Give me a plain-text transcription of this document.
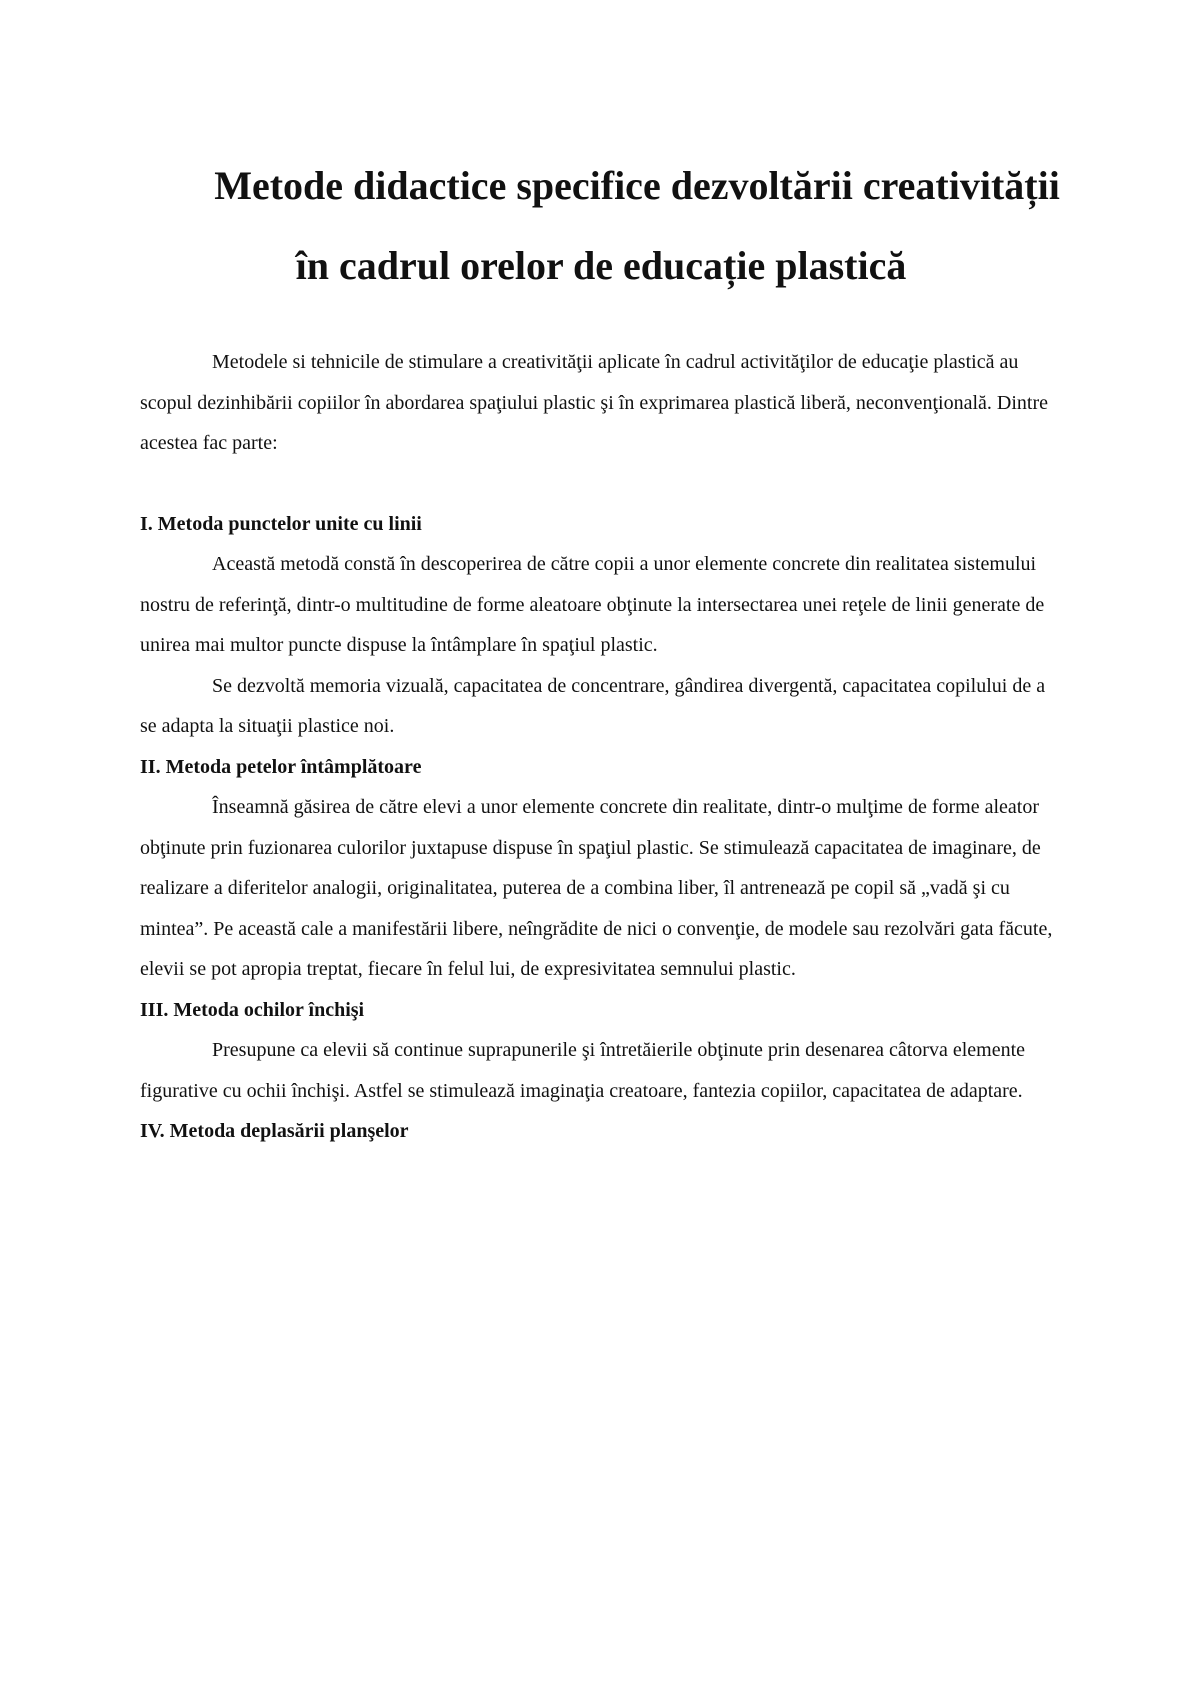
Metode didactice specifice dezvoltării creativității în cadrul orelor de educație plastică

Metodele si tehnicile de stimulare a creativităţii aplicate în cadrul activităţilor de educaţie plastică au scopul dezinhibării copiilor în abordarea spaţiului plastic şi în exprimarea plastică liberă, neconvenţională. Dintre acestea fac parte:

I. Metoda punctelor unite cu linii

Această metodă constă în descoperirea de către copii a unor elemente concrete din realitatea sistemului nostru de referinţă, dintr-o multitudine de forme aleatoare obţinute la intersectarea unei reţele de linii generate de unirea mai multor puncte dispuse la întâmplare în spaţiul plastic.

Se dezvoltă memoria vizuală, capacitatea de concentrare, gândirea divergentă, capacitatea copilului de a se adapta la situaţii plastice noi.

II. Metoda petelor întâmplătoare

Înseamnă găsirea de către elevi a unor elemente concrete din realitate, dintr-o mulţime de forme aleator obţinute prin fuzionarea culorilor juxtapuse dispuse în spaţiul plastic. Se stimulează capacitatea de imaginare, de realizare a diferitelor analogii, originalitatea, puterea de a combina liber, îl antrenează pe copil să „vadă şi cu mintea”. Pe această cale a manifestării libere, neîngrădite de nici o convenţie, de modele sau rezolvări gata făcute, elevii se pot apropia treptat, fiecare în felul lui, de expresivitatea semnului plastic.

III. Metoda ochilor închişi

Presupune ca elevii să continue suprapunerile şi întretăierile obţinute prin desenarea câtorva elemente figurative cu ochii închişi. Astfel se stimulează imaginaţia creatoare, fantezia copiilor, capacitatea de adaptare.

IV. Metoda deplasării planşelor
